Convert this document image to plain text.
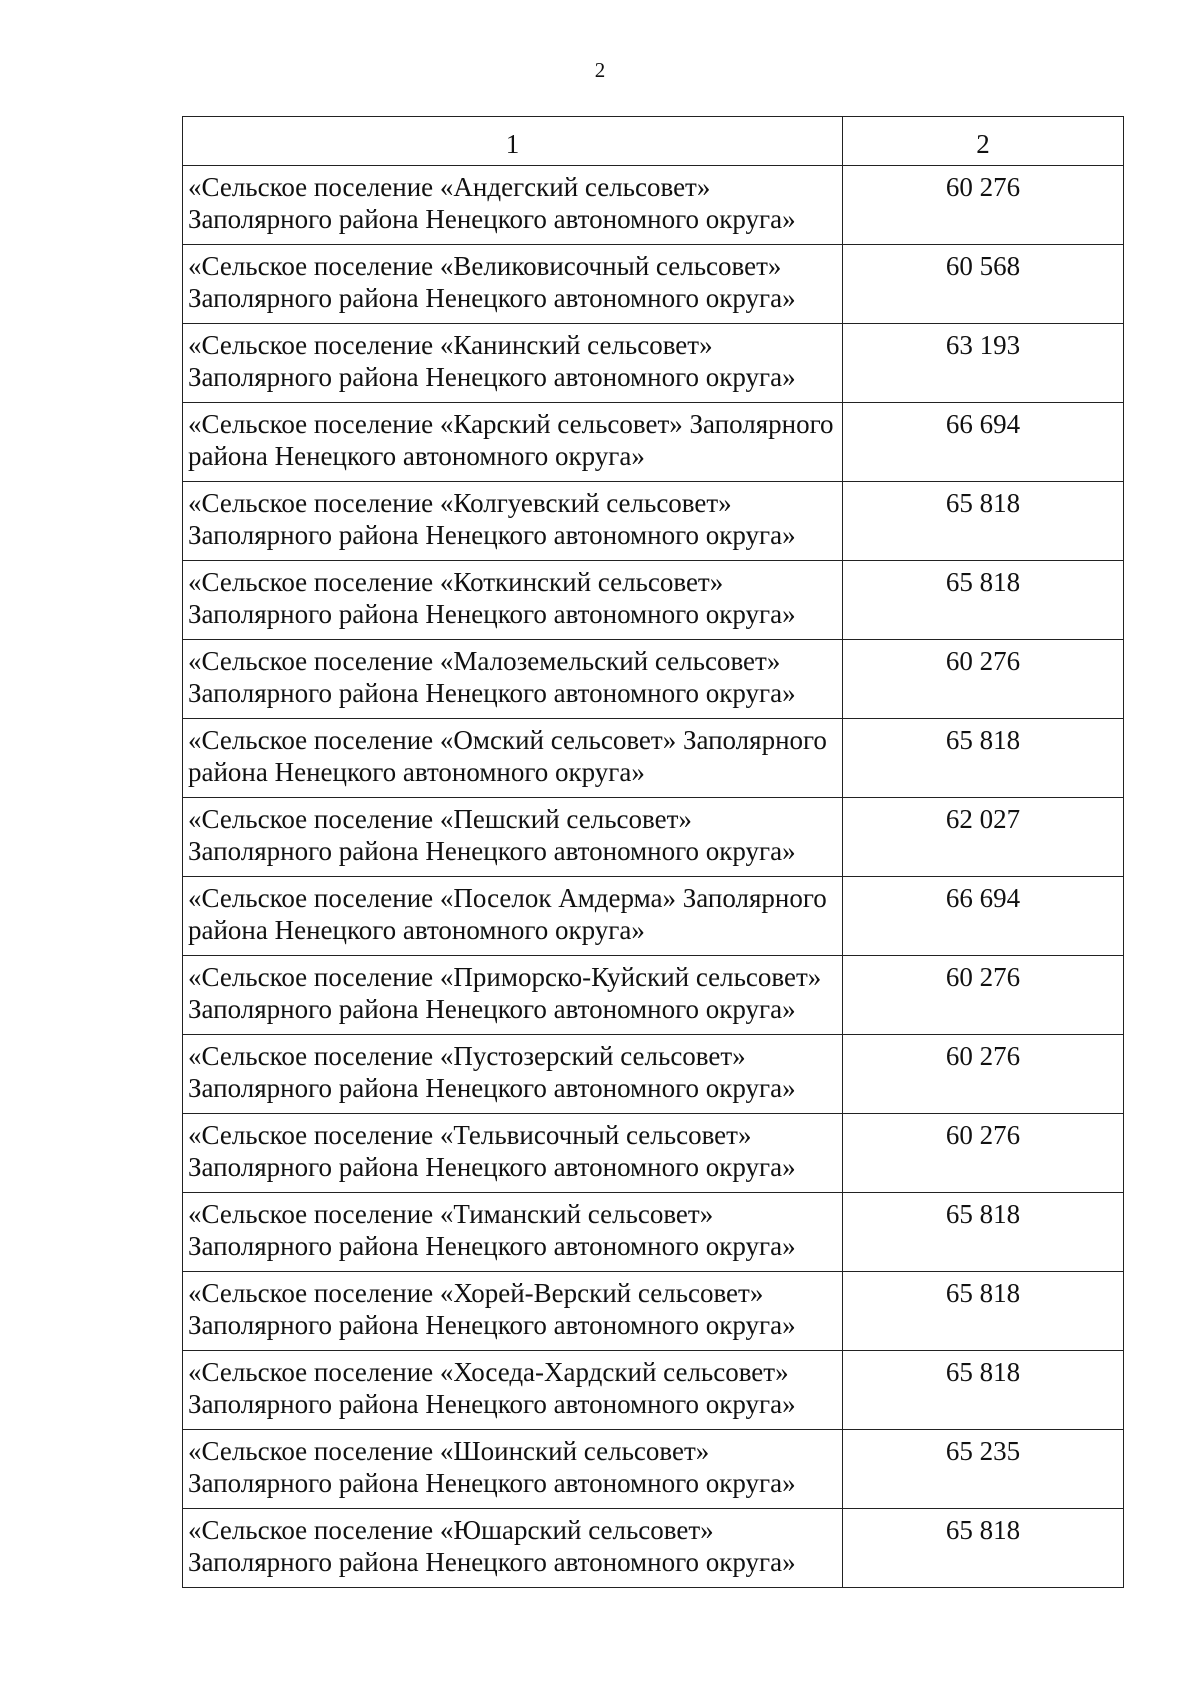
2
1	2
«Сельское поселение «Андегский сельсовет» Заполярного района Ненецкого автономного округа»	60 276
«Сельское поселение «Великовисочный сельсовет» Заполярного района Ненецкого автономного округа»	60 568
«Сельское поселение «Канинский сельсовет» Заполярного района Ненецкого автономного округа»	63 193
«Сельское поселение «Карский сельсовет» Заполярного района Ненецкого автономного округа»	66 694
«Сельское поселение «Колгуевский сельсовет» Заполярного района Ненецкого автономного округа»	65 818
«Сельское поселение «Коткинский сельсовет» Заполярного района Ненецкого автономного округа»	65 818
«Сельское поселение «Малоземельский сельсовет» Заполярного района Ненецкого автономного округа»	60 276
«Сельское поселение «Омский сельсовет» Заполярного района Ненецкого автономного округа»	65 818
«Сельское поселение «Пешский сельсовет» Заполярного района Ненецкого автономного округа»	62 027
«Сельское поселение «Поселок Амдерма» Заполярного района Ненецкого автономного округа»	66 694
«Сельское поселение «Приморско-Куйский сельсовет» Заполярного района Ненецкого автономного округа»	60 276
«Сельское поселение «Пустозерский сельсовет» Заполярного района Ненецкого автономного округа»	60 276
«Сельское поселение «Тельвисочный сельсовет» Заполярного района Ненецкого автономного округа»	60 276
«Сельское поселение «Тиманский сельсовет» Заполярного района Ненецкого автономного округа»	65 818
«Сельское поселение «Хорей-Верский сельсовет» Заполярного района Ненецкого автономного округа»	65 818
«Сельское поселение «Хоседа-Хардский сельсовет» Заполярного района Ненецкого автономного округа»	65 818
«Сельское поселение «Шоинский сельсовет» Заполярного района Ненецкого автономного округа»	65 235
«Сельское поселение «Юшарский сельсовет» Заполярного района Ненецкого автономного округа»	65 818
